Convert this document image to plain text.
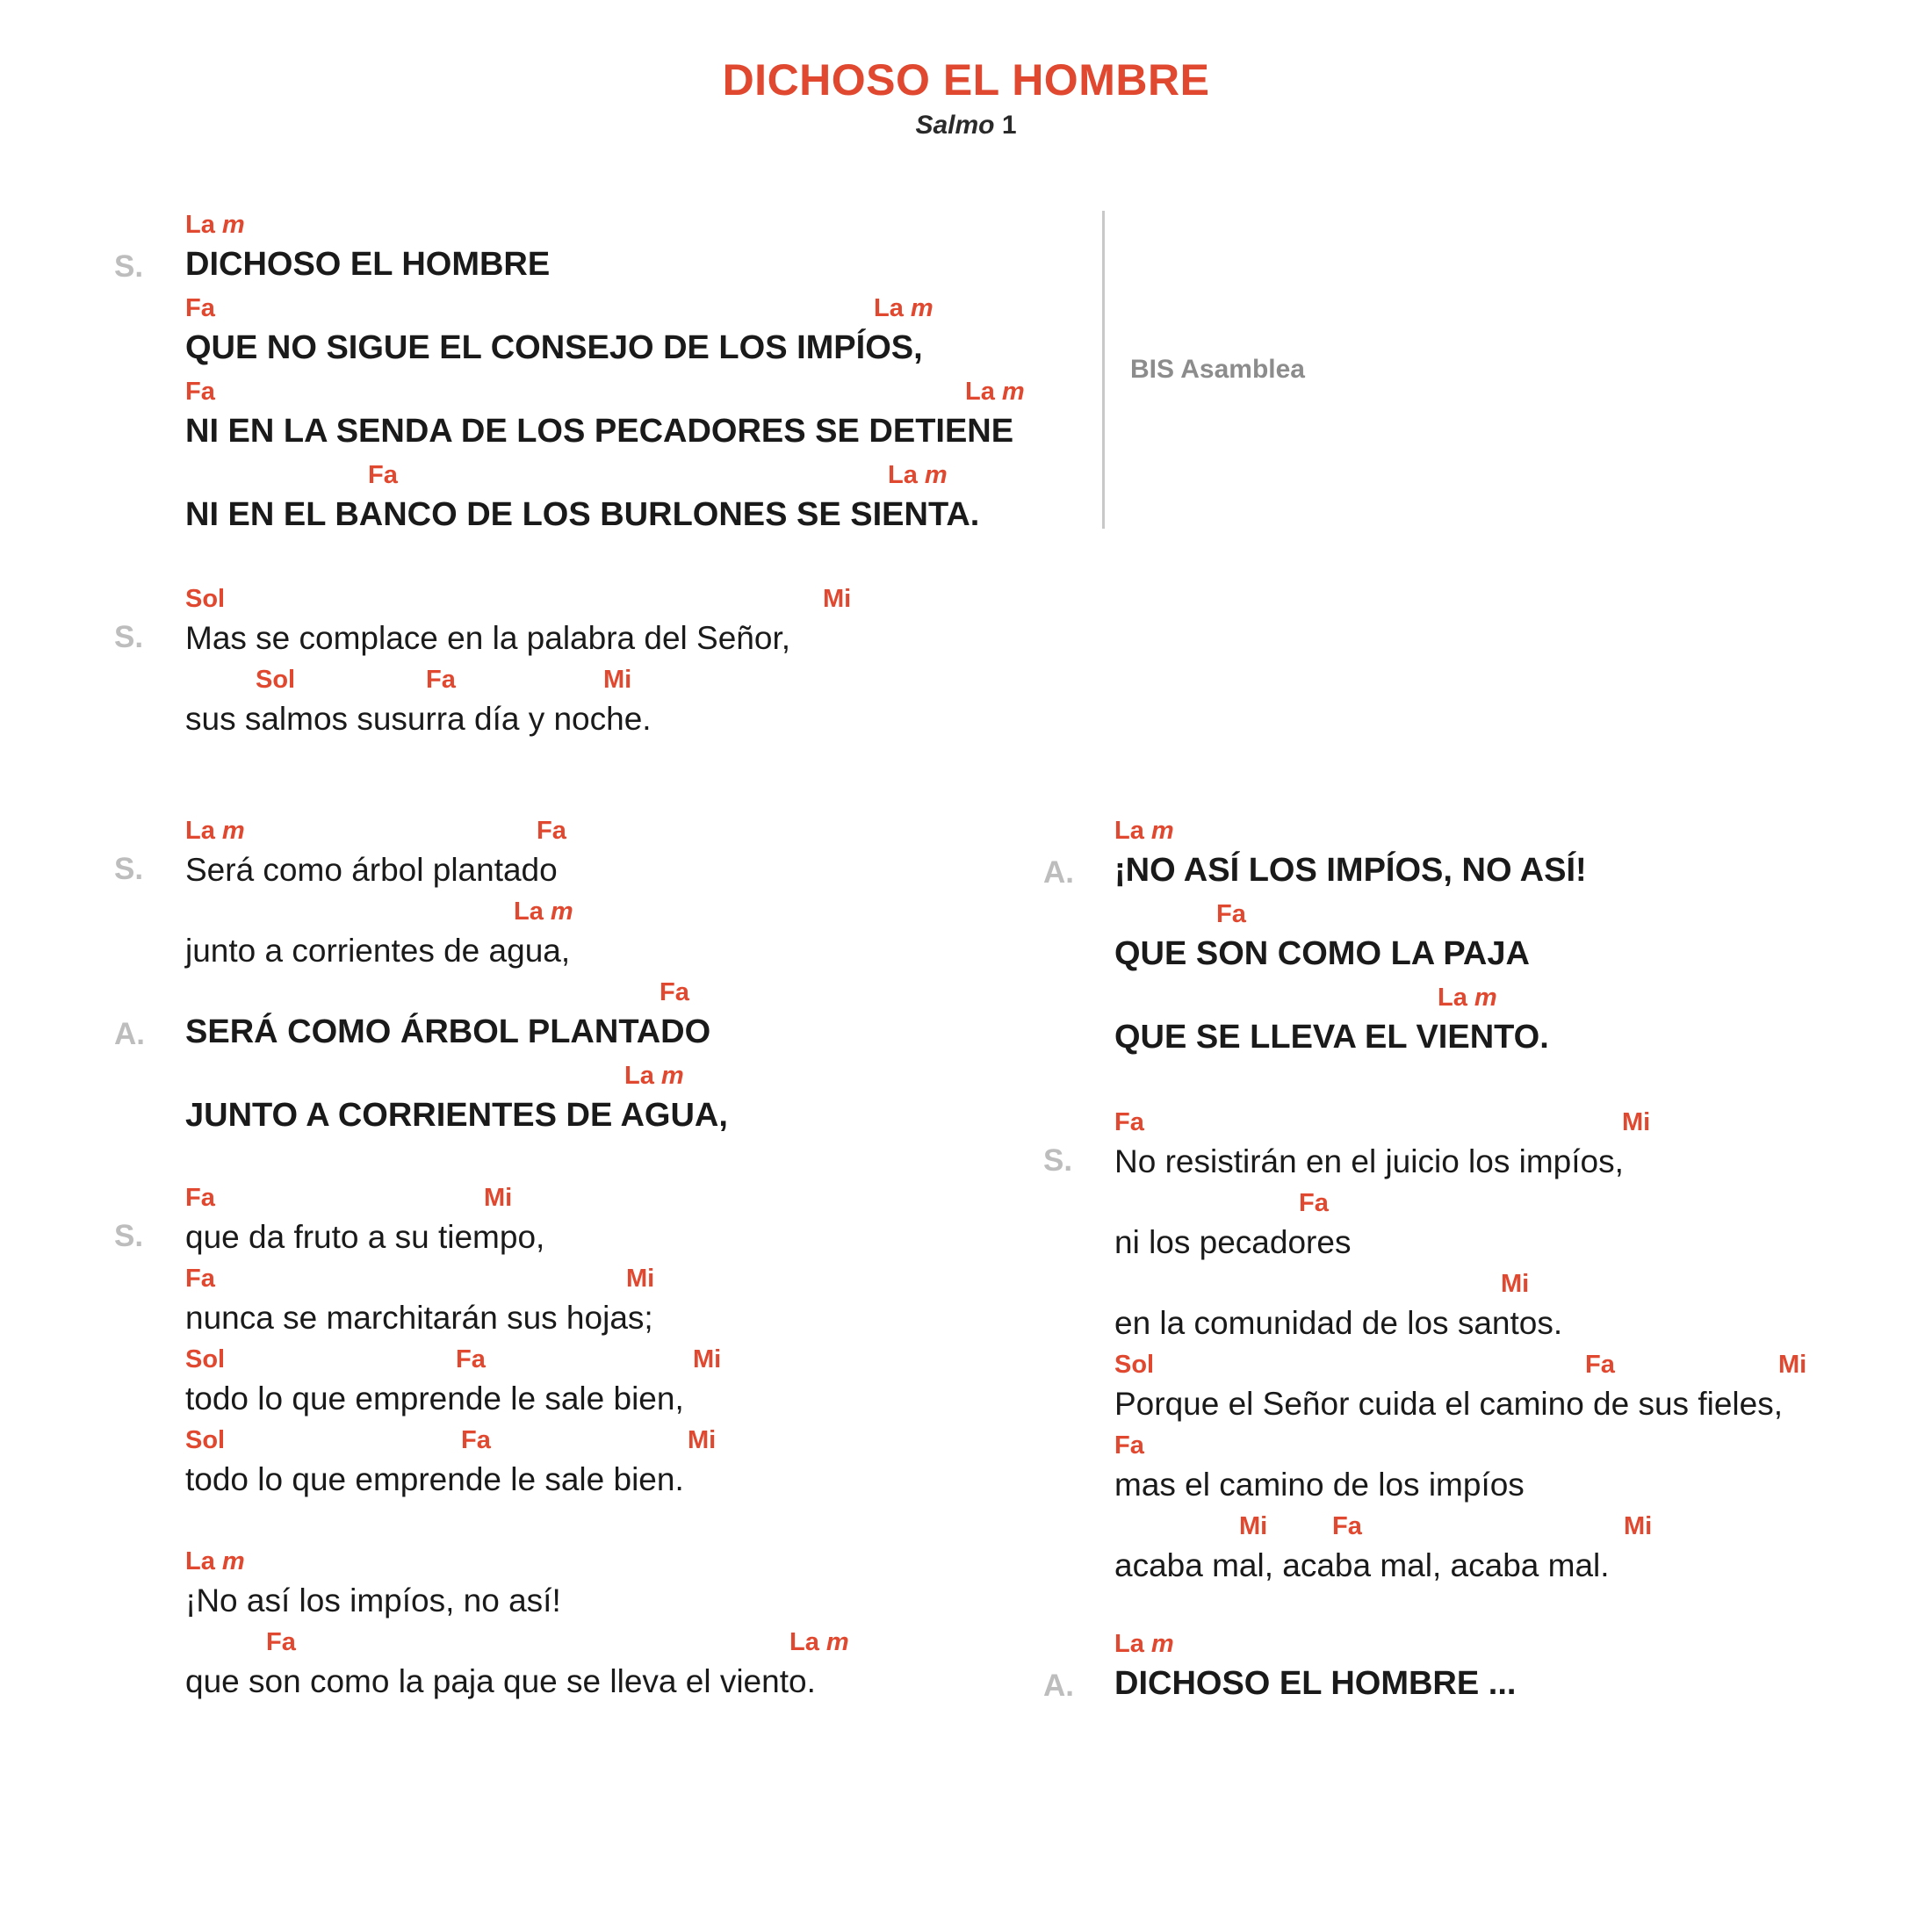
DICHOSO EL HOMBRE
Salmo 1
S.
La m
DICHOSO EL HOMBRE
Fa	La m
QUE NO SIGUE EL CONSEJO DE LOS IMPÍOS,
Fa	La m
NI EN LA SENDA DE LOS PECADORES SE DETIENE
Fa	La m
NI EN EL BANCO DE LOS BURLONES SE SIENTA.
BIS Asamblea
S.
Sol	Mi
Mas se complace en la palabra del Señor,
Sol	Fa	Mi
sus salmos susurra día y noche.
S.
La m	Fa
Será como árbol plantado
La m
junto a corrientes de agua,
A.
Fa
SERÁ COMO ÁRBOL PLANTADO
La m
JUNTO A CORRIENTES DE AGUA,
S.
Fa	Mi
que da fruto a su tiempo,
Fa	Mi
nunca se marchitarán sus hojas;
Sol	Fa	Mi
todo lo que emprende le sale bien,
Sol	Fa	Mi
todo lo que emprende le sale bien.
La m
¡No así los impíos, no así!
Fa	La m
que son como la paja que se lleva el viento.
A.
La m
¡NO ASÍ LOS IMPÍOS, NO ASÍ!
Fa
QUE SON COMO LA PAJA
La m
QUE SE LLEVA EL VIENTO.
S.
Fa	Mi
No resistirán en el juicio los impíos,
Fa
ni los pecadores
Mi
en la comunidad de los santos.
Sol	Fa	Mi
Porque el Señor cuida el camino de sus fieles,
Fa
mas el camino de los impíos
Mi	Fa	Mi
acaba mal, acaba mal, acaba mal.
A.
La m
DICHOSO EL HOMBRE ...
